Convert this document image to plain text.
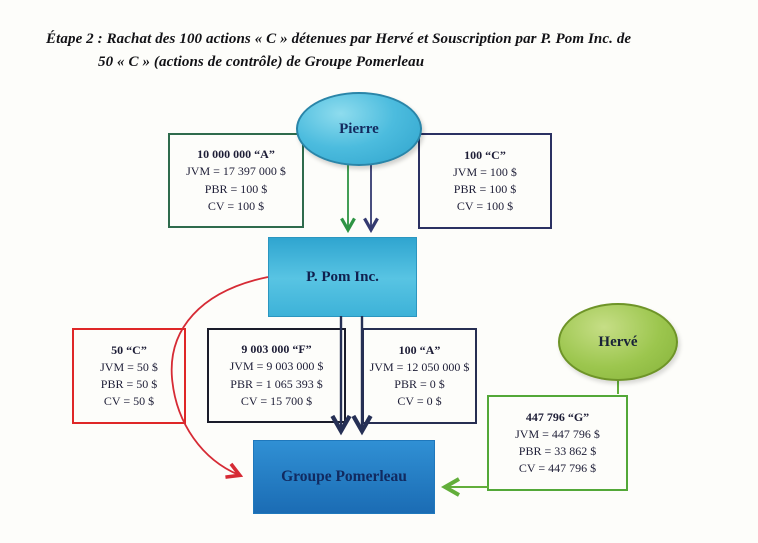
Étape 2 : Rachat des 100 actions « C » détenues par Hervé et Souscription par P. Pom Inc. de
50 « C » (actions de contrôle) de Groupe Pomerleau
Pierre
P. Pom Inc.
Groupe Pomerleau
Hervé
10 000 000 “A”
JVM = 17 397 000 $
PBR = 100 $
CV = 100 $
100 “C”
JVM = 100 $
PBR = 100 $
CV = 100 $
50 “C”
JVM = 50 $
PBR = 50 $
CV = 50 $
9 003 000 “F”
JVM = 9 003 000 $
PBR = 1 065 393 $
CV = 15 700 $
100 “A”
JVM = 12 050 000 $
PBR = 0 $
CV = 0 $
447 796 “G”
JVM = 447 796 $
PBR = 33 862 $
CV = 447 796 $
